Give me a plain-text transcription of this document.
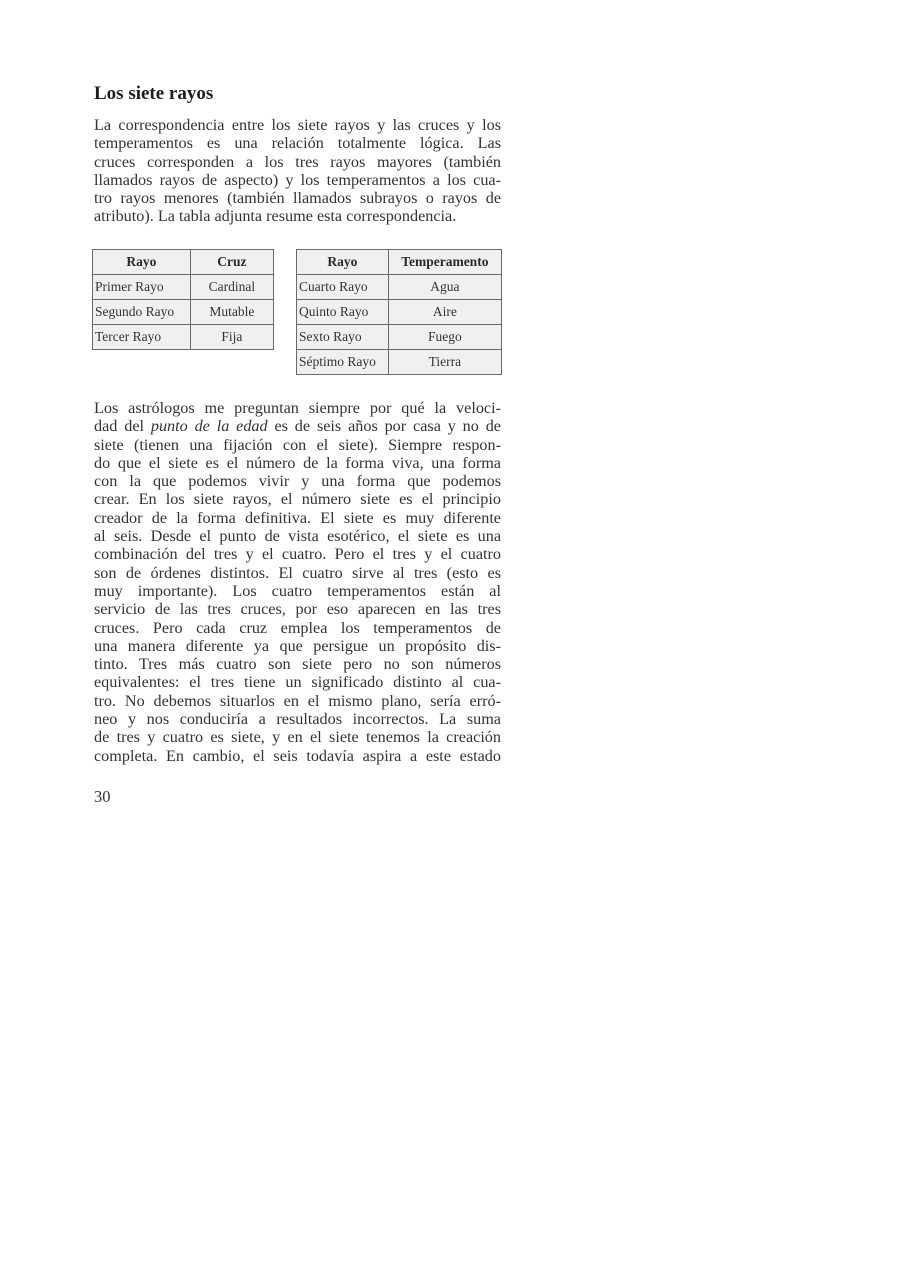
Los siete rayos

La correspondencia entre los siete rayos y las cruces y los
temperamentos es una relación totalmente lógica. Las
cruces corresponden a los tres rayos mayores (también
llamados rayos de aspecto) y los temperamentos a los cua-
tro rayos menores (también llamados subrayos o rayos de
atributo). La tabla adjunta resume esta correspondencia.

Rayo	Cruz
Primer Rayo	Cardinal
Segundo Rayo	Mutable
Tercer Rayo	Fija
Rayo	Temperamento
Cuarto Rayo	Agua
Quinto Rayo	Aire
Sexto Rayo	Fuego
Séptimo Rayo	Tierra

Los astrólogos me preguntan siempre por qué la veloci-
dad del punto de la edad es de seis años por casa y no de
siete (tienen una fijación con el siete). Siempre respon-
do que el siete es el número de la forma viva, una forma
con la que podemos vivir y una forma que podemos
crear. En los siete rayos, el número siete es el principio
creador de la forma definitiva. El siete es muy diferente
al seis. Desde el punto de vista esotérico, el siete es una
combinación del tres y el cuatro. Pero el tres y el cuatro
son de órdenes distintos. El cuatro sirve al tres (esto es
muy importante). Los cuatro temperamentos están al
servicio de las tres cruces, por eso aparecen en las tres
cruces. Pero cada cruz emplea los temperamentos de
una manera diferente ya que persigue un propósito dis-
tinto. Tres más cuatro son siete pero no son números
equivalentes: el tres tiene un significado distinto al cua-
tro. No debemos situarlos en el mismo plano, sería erró-
neo y nos conduciría a resultados incorrectos. La suma
de tres y cuatro es siete, y en el siete tenemos la creación
completa. En cambio, el seis todavía aspira a este estado

30
